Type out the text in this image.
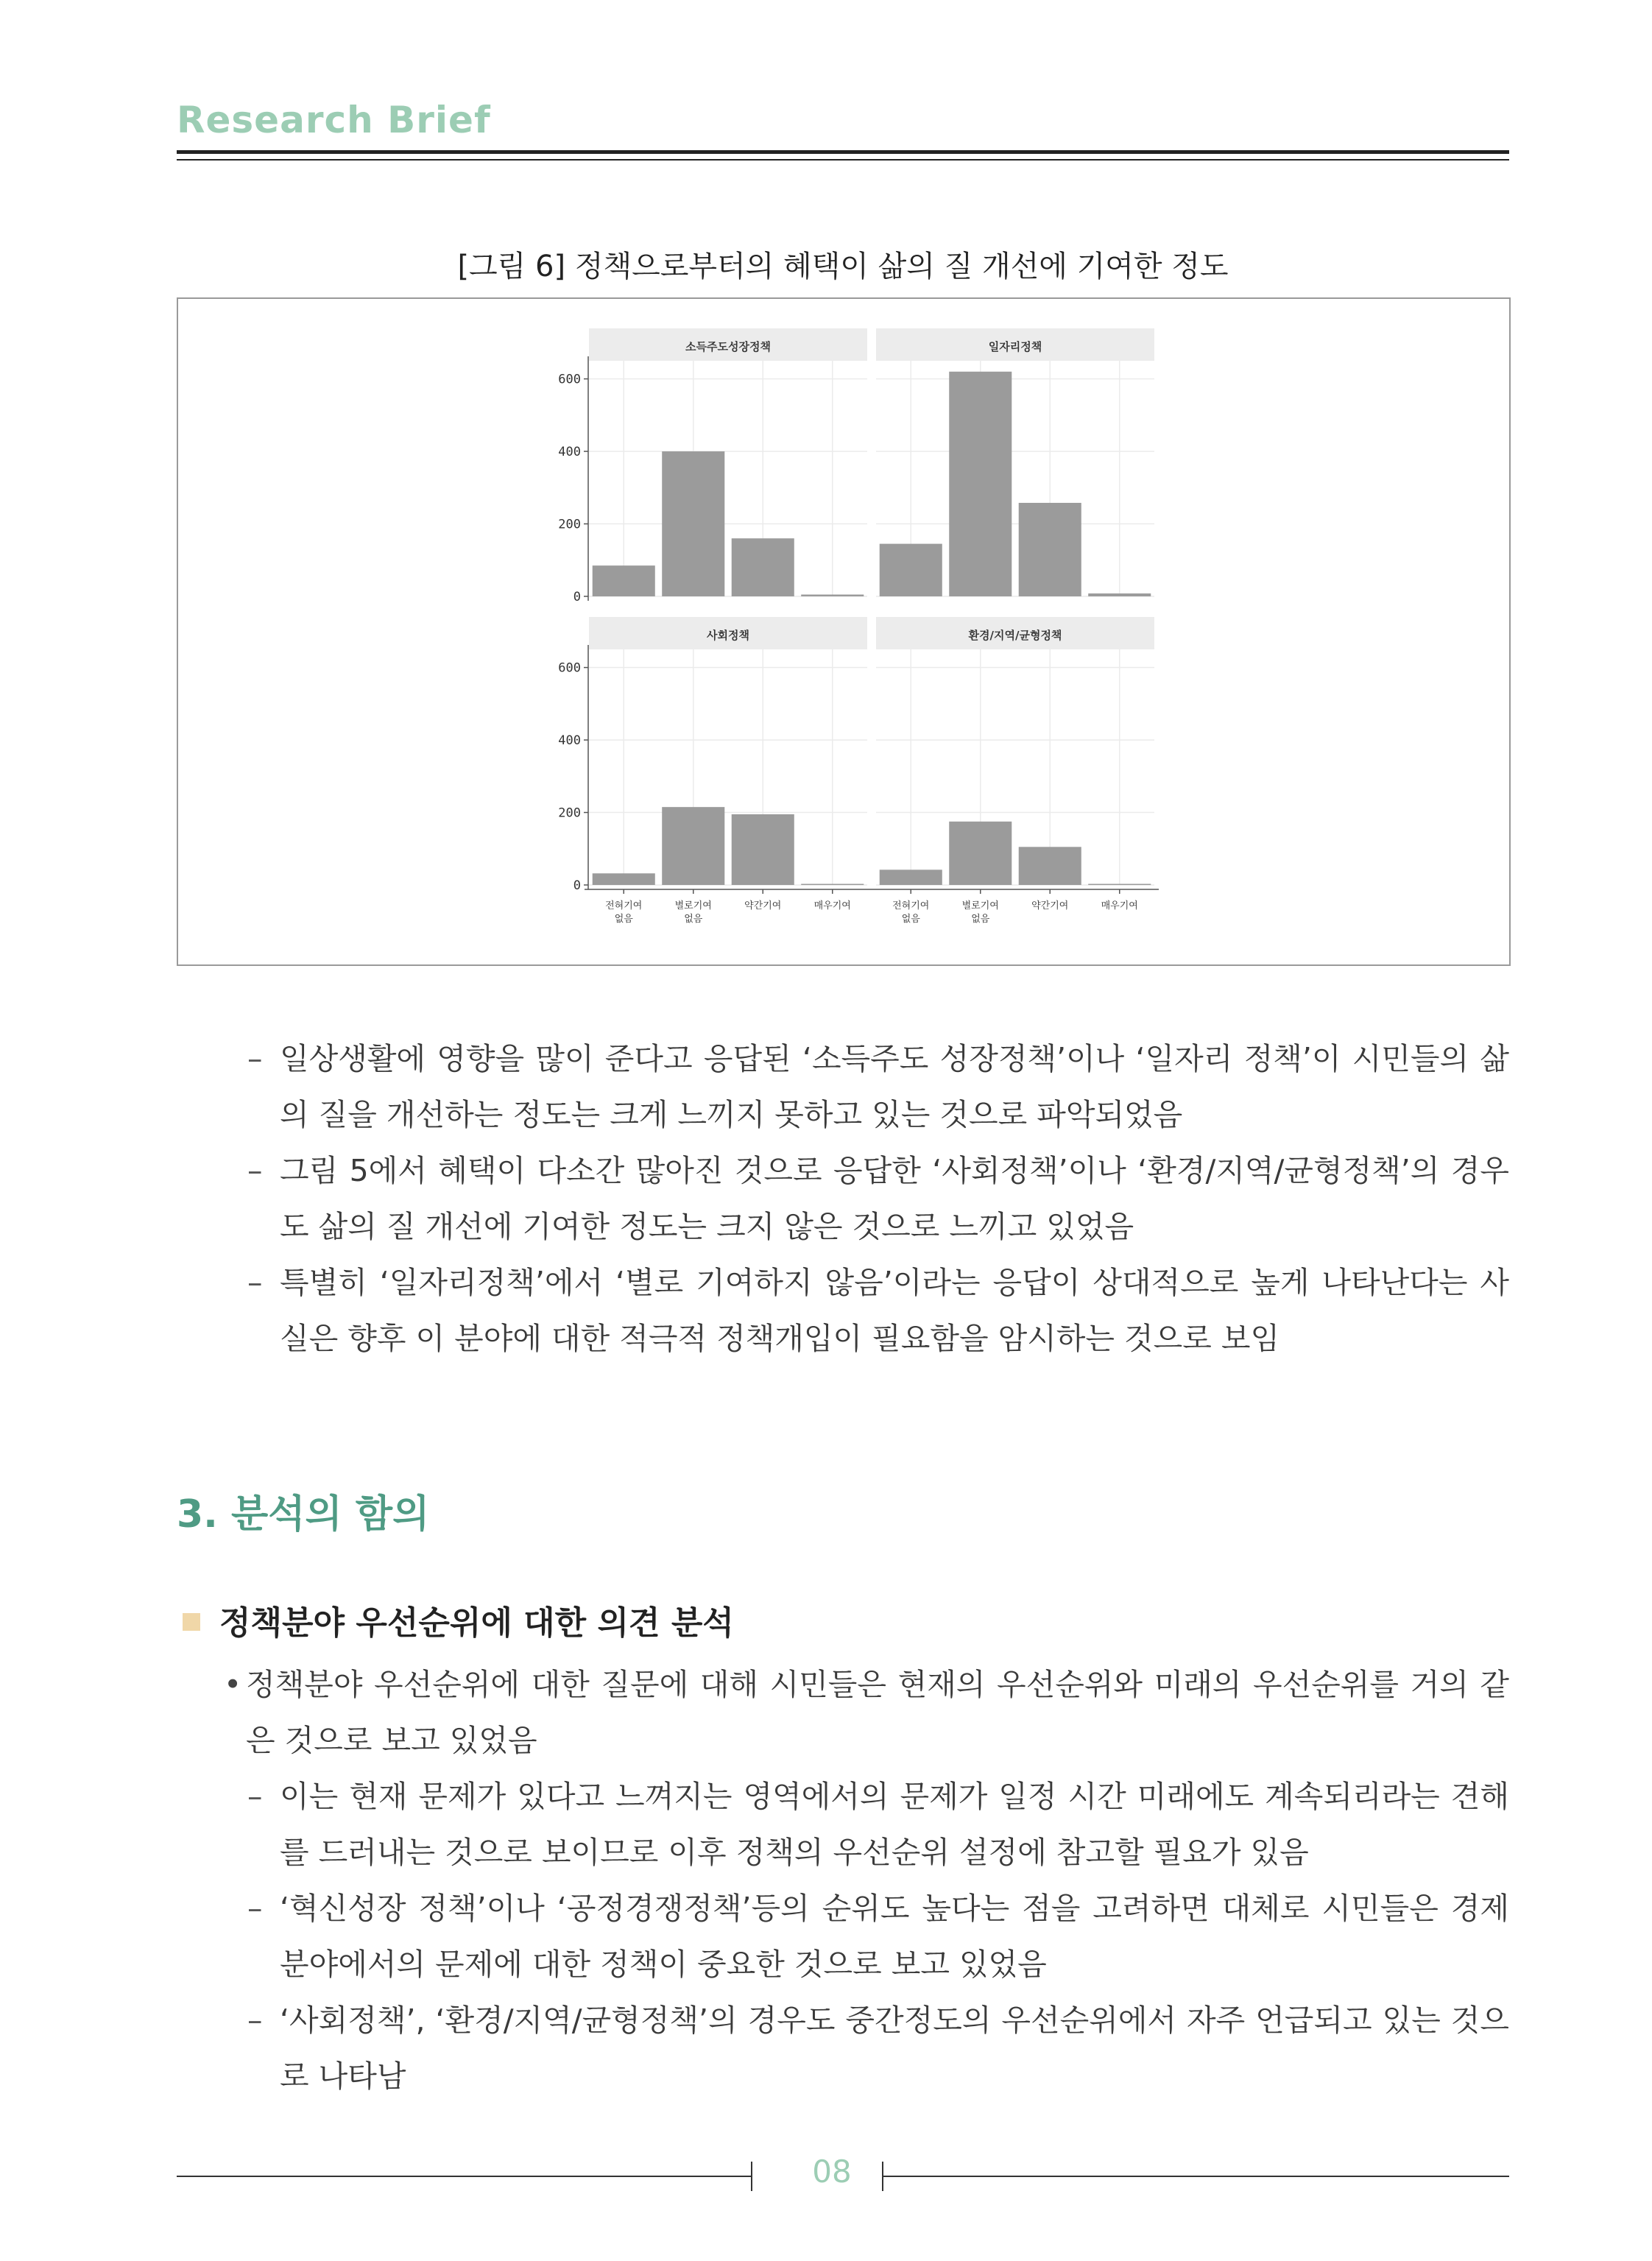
Research Brief
[그림 6] 정책으로부터의 혜택이 삶의 질 개선에 기여한 정도
소득주도성장정책
0
200
400
600
일자리정책
사회정책
0
200
400
600
전혀기여
없음
별로기여
없음
약간기여	매우기여
환경/지역/균형정책
전혀기여
없음
별로기여
없음
약간기여	매우기여
– 일상생활에 영향을 많이 준다고 응답된 ‘소득주도 성장정책’이나 ‘일자리 정책’이 시민들의 삶의 질을 개선하는 정도는 크게 느끼지 못하고 있는 것으로 파악되었음
– 그림 5에서 혜택이 다소간 많아진 것으로 응답한 ‘사회정책’이나 ‘환경/지역/균형정책’의 경우도 삶의 질 개선에 기여한 정도는 크지 않은 것으로 느끼고 있었음
– 특별히 ‘일자리정책’에서 ‘별로 기여하지 않음’이라는 응답이 상대적으로 높게 나타난다는 사실은 향후 이 분야에 대한 적극적 정책개입이 필요함을 암시하는 것으로 보임
3. 분석의 함의
정책분야 우선순위에 대한 의견 분석
• 정책분야 우선순위에 대한 질문에 대해 시민들은 현재의 우선순위와 미래의 우선순위를 거의 같은 것으로 보고 있었음
– 이는 현재 문제가 있다고 느껴지는 영역에서의 문제가 일정 시간 미래에도 계속되리라는 견해를 드러내는 것으로 보이므로 이후 정책의 우선순위 설정에 참고할 필요가 있음
– ‘혁신성장 정책’이나 ‘공정경쟁정책’등의 순위도 높다는 점을 고려하면 대체로 시민들은 경제분야에서의 문제에 대한 정책이 중요한 것으로 보고 있었음
– ‘사회정책’, ‘환경/지역/균형정책’의 경우도 중간정도의 우선순위에서 자주 언급되고 있는 것으로 나타남
08
